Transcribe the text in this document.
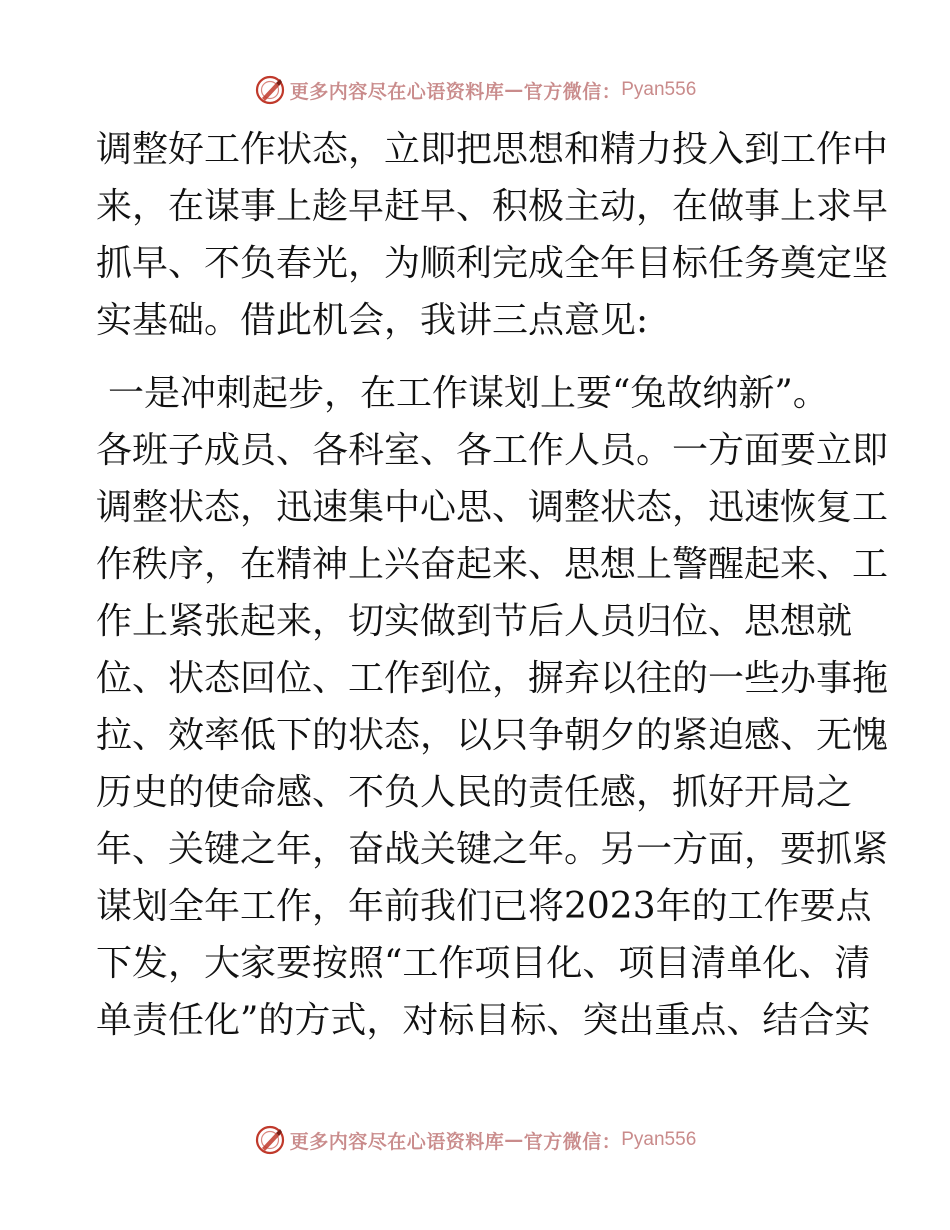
更多内容尽在心语资料库 — 官方微信： Pyan556
调整好工作状态，立即把思想和精力投入到工作中
来，在谋事上趁早赶早、积极主动，在做事上求早
抓早、不负春光，为顺利完成全年目标任务奠定坚
实基础。借此机会，我讲三点意见:
一是冲刺起步，在工作谋划上要“兔故纳新”。
各班子成员、各科室、各工作人员。一方面要立即
调整状态，迅速集中心思、调整状态，迅速恢复工
作秩序，在精神上兴奋起来、思想上警醒起来、工
作上紧张起来，切实做到节后人员归位、思想就
位、状态回位、工作到位，摒弃以往的一些办事拖
拉、效率低下的状态，以只争朝夕的紧迫感、无愧
历史的使命感、不负人民的责任感，抓好开局之
年、关键之年，奋战关键之年。另一方面，要抓紧
谋划全年工作，年前我们已将2023年的工作要点
下发，大家要按照“工作项目化、项目清单化、清
单责任化”的方式，对标目标、突出重点、结合实
更多内容尽在心语资料库 — 官方微信： Pyan556
